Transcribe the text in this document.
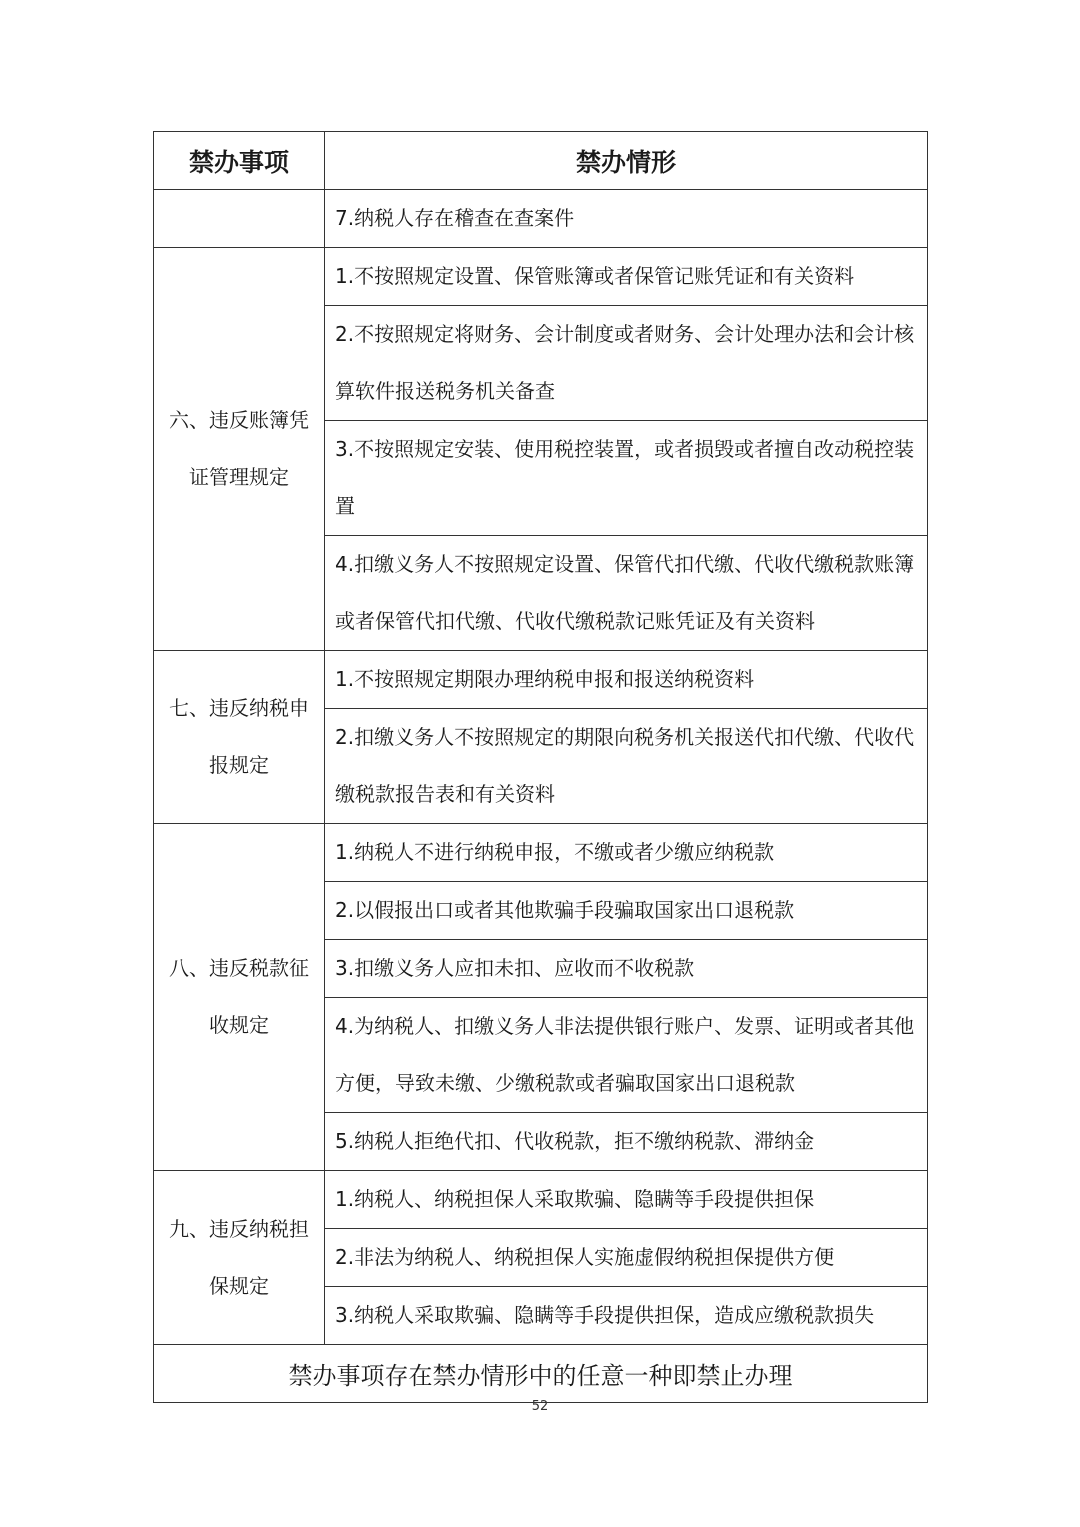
禁办事项	禁办情形
	7.纳税人存在稽查在查案件
六、违反账簿凭证管理规定	1.不按照规定设置、保管账簿或者保管记账凭证和有关资料
	2.不按照规定将财务、会计制度或者财务、会计处理办法和会计核算软件报送税务机关备查
	3.不按照规定安装、使用税控装置，或者损毁或者擅自改动税控装置
	4.扣缴义务人不按照规定设置、保管代扣代缴、代收代缴税款账簿或者保管代扣代缴、代收代缴税款记账凭证及有关资料
七、违反纳税申报规定	1.不按照规定期限办理纳税申报和报送纳税资料
	2.扣缴义务人不按照规定的期限向税务机关报送代扣代缴、代收代缴税款报告表和有关资料
八、违反税款征收规定	1.纳税人不进行纳税申报，不缴或者少缴应纳税款
	2.以假报出口或者其他欺骗手段骗取国家出口退税款
	3.扣缴义务人应扣未扣、应收而不收税款
	4.为纳税人、扣缴义务人非法提供银行账户、发票、证明或者其他方便，导致未缴、少缴税款或者骗取国家出口退税款
	5.纳税人拒绝代扣、代收税款，拒不缴纳税款、滞纳金
九、违反纳税担保规定	1.纳税人、纳税担保人采取欺骗、隐瞒等手段提供担保
	2.非法为纳税人、纳税担保人实施虚假纳税担保提供方便
	3.纳税人采取欺骗、隐瞒等手段提供担保，造成应缴税款损失
禁办事项存在禁办情形中的任意一种即禁止办理	
52
